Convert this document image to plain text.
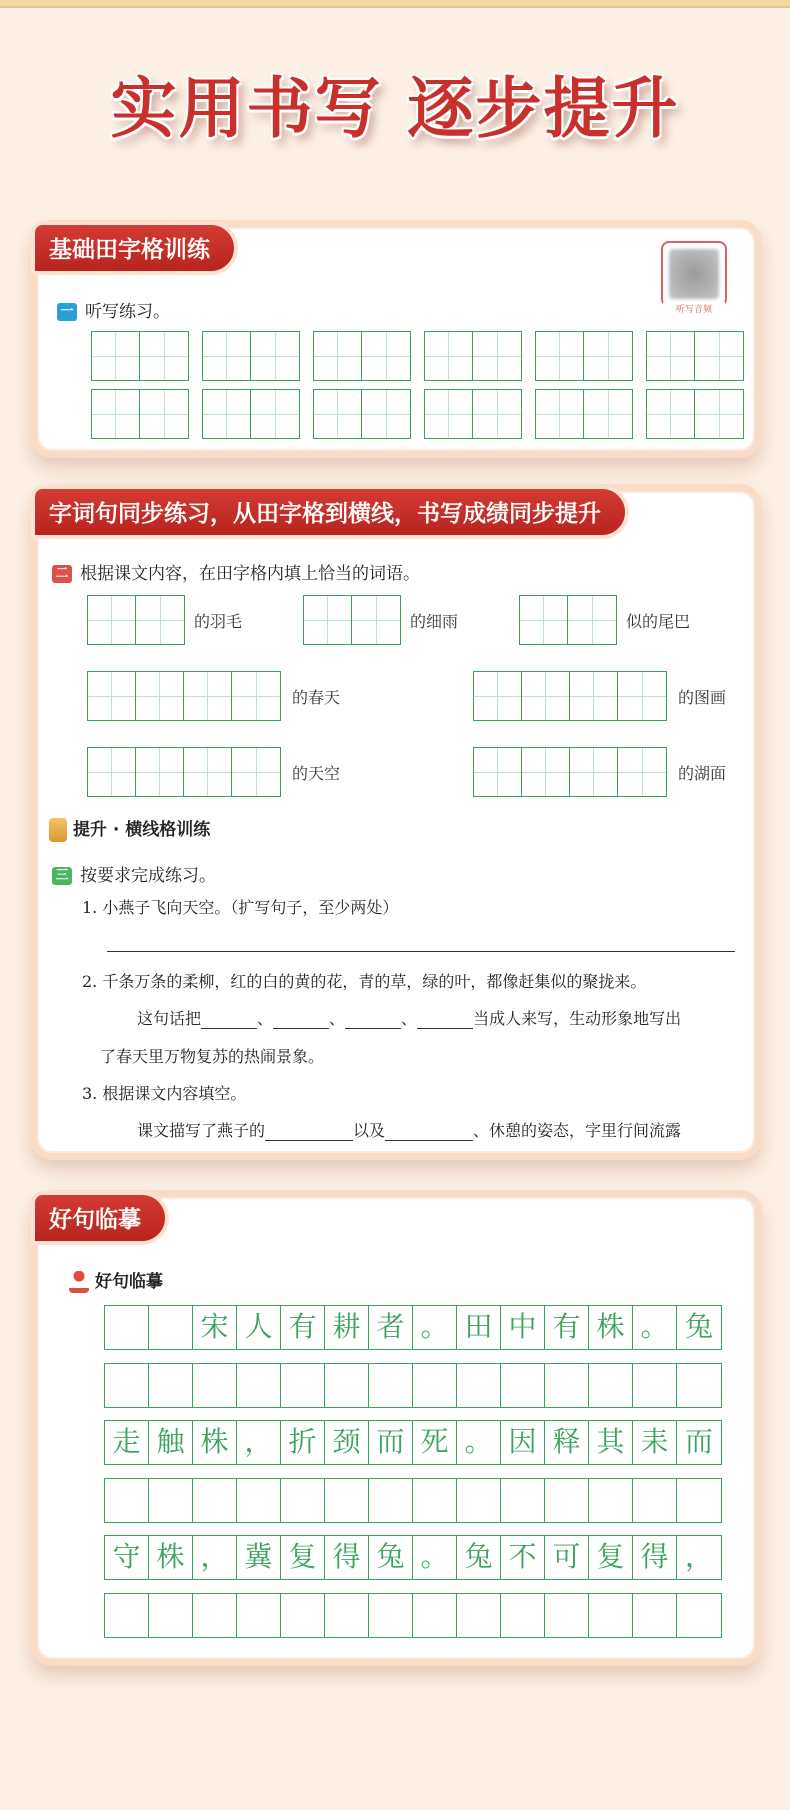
实用书写 逐步提升
基础田字格训练
听写音频
一 听写练习。
字词句同步练习，从田字格到横线，书写成绩同步提升
二 根据课文内容，在田字格内填上恰当的词语。
的羽毛	的细雨	似的尾巴
的春天	的图画
的天空	的湖面
提升 · 横线格训练
三 按要求完成练习。
1. 小燕子飞向天空。（扩写句子，至少两处）
2. 千条万条的柔柳，红的白的黄的花，青的草，绿的叶，都像赶集似的聚拢来。
这句话把	、	、	、	当成人来写，生动形象地写出
了春天里万物复苏的热闹景象。
3. 根据课文内容填空。
课文描写了燕子的	以及	、休憩的姿态，字里行间流露
好句临摹
好句临摹
宋 人 有 耕 者 。 田 中 有 株 。 兔
走 触 株 ， 折 颈 而 死 。 因 释 其 耒 而
守 株 ， 冀 复 得 兔 。 兔 不 可 复 得 ，
